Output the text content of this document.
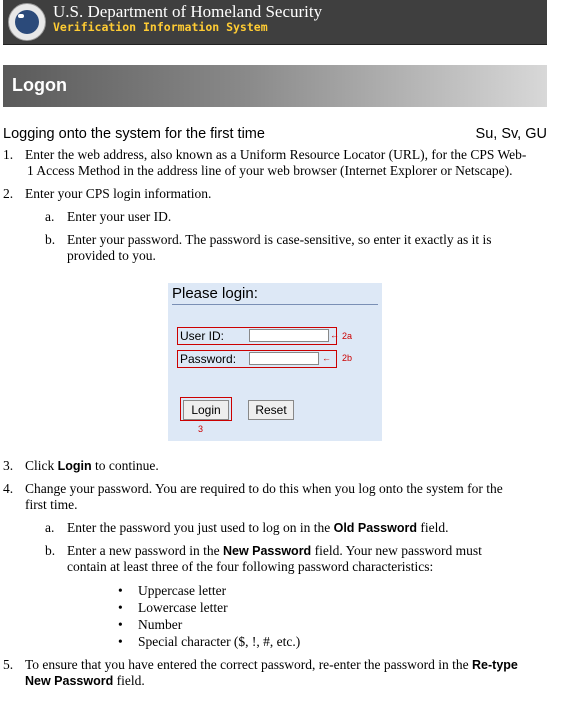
U.S. Department of Homeland Security
Verification Information System
Logon
Logging onto the system for the first time	Su, Sv, GU
1. Enter the web address, also known as a Uniform Resource Locator (URL), for the CPS Web-
1 Access Method in the address line of your web browser (Internet Explorer or Netscape).
2. Enter your CPS login information.
a. Enter your user ID.
b. Enter your password. The password is case-sensitive, so enter it exactly as it is
provided to you.
Please login:
User ID:	← 2a
Password:	← 2b
Login	Reset
3
3. Click Login to continue.
4. Change your password. You are required to do this when you log onto the system for the
first time.
a. Enter the password you just used to log on in the Old Password field.
b. Enter a new password in the New Password field. Your new password must
contain at least three of the four following password characteristics:
• Uppercase letter
• Lowercase letter
• Number
• Special character ($, !, #, etc.)
5. To ensure that you have entered the correct password, re-enter the password in the Re-type
New Password field.
